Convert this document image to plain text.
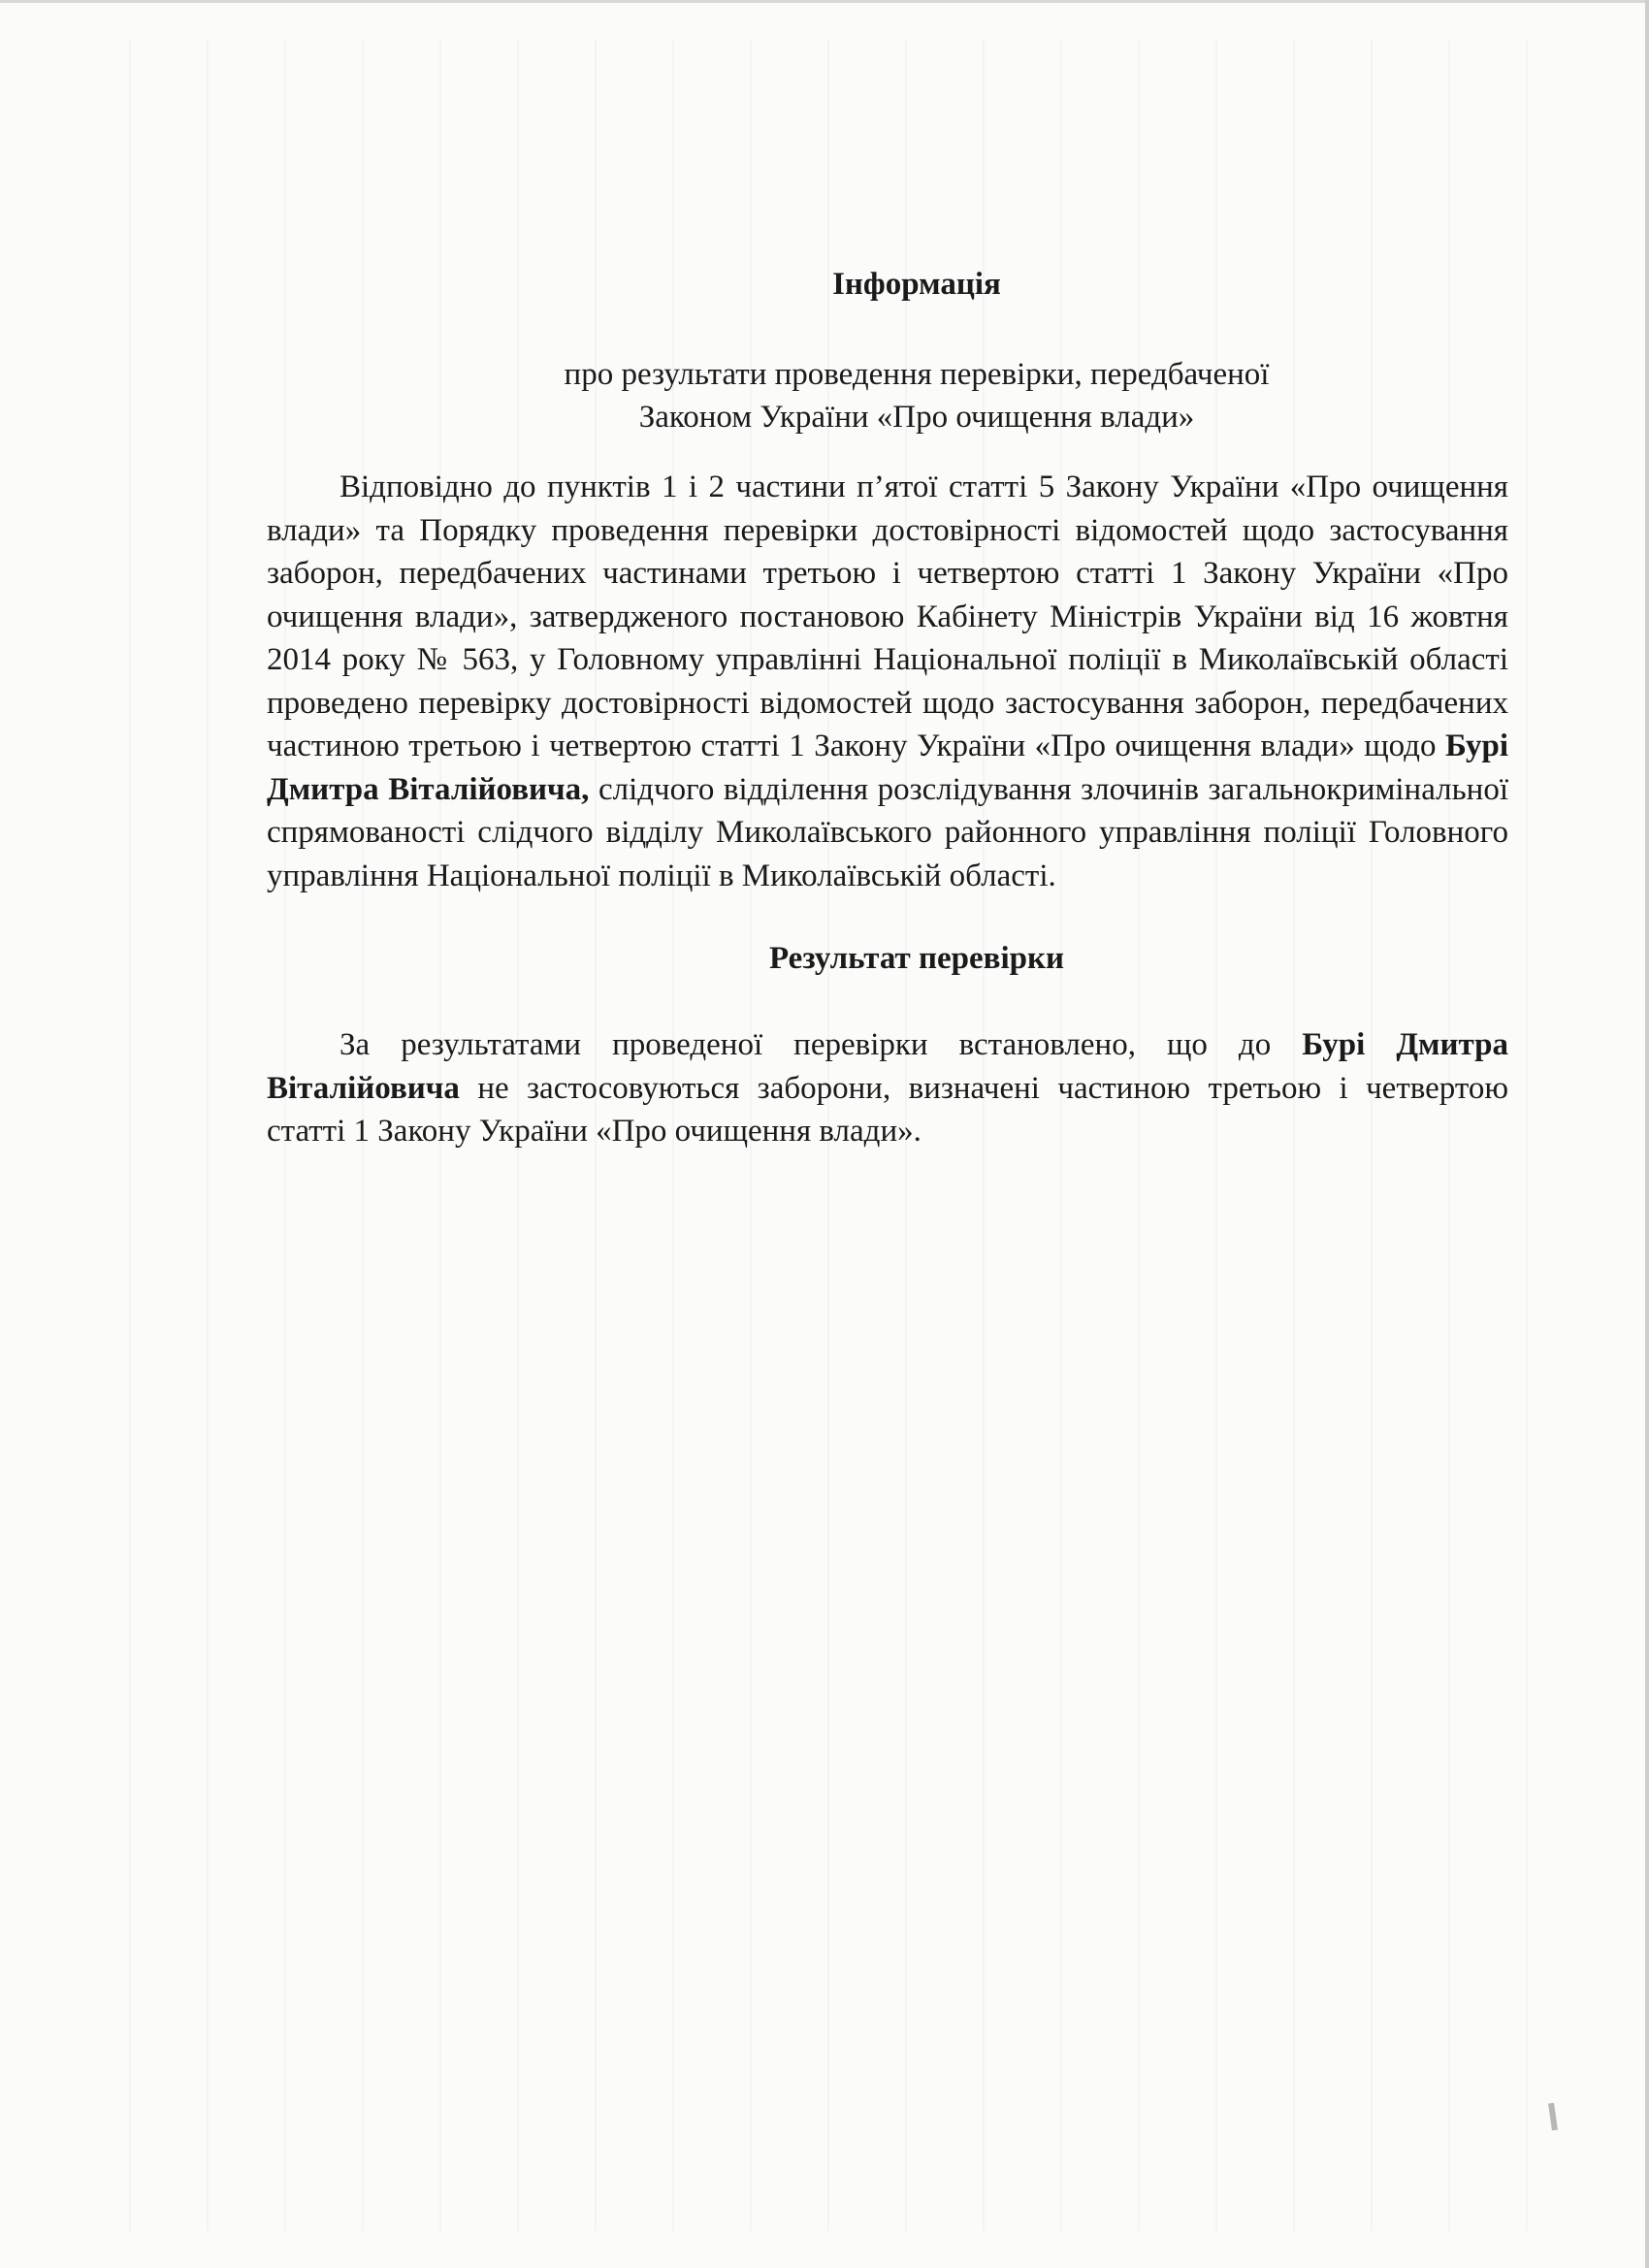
Інформація
про результати проведення перевірки, передбаченої
Законом України «Про очищення влади»

Відповідно до пунктів 1 і 2 частини п’ятої статті 5 Закону України «Про очищення влади» та Порядку проведення перевірки достовірності відомостей щодо застосування заборон, передбачених частинами третьою і четвертою статті 1 Закону України «Про очищення влади», затвердженого постановою Кабінету Міністрів України від 16 жовтня 2014 року № 563, у Головному управлінні Національної поліції в Миколаївській області проведено перевірку достовірності відомостей щодо застосування заборон, передбачених частиною третьою і четвертою статті 1 Закону України «Про очищення влади» щодо Бурі Дмитра Віталійовича, слідчого відділення розслідування злочинів загальнокримінальної спрямованості слідчого відділу Миколаївського районного управління поліції Головного управління Національної поліції в Миколаївській області.

Результат перевірки

За результатами проведеної перевірки встановлено, що до Бурі Дмитра Віталійовича не застосовуються заборони, визначені частиною третьою і четвертою статті 1 Закону України «Про очищення влади».
